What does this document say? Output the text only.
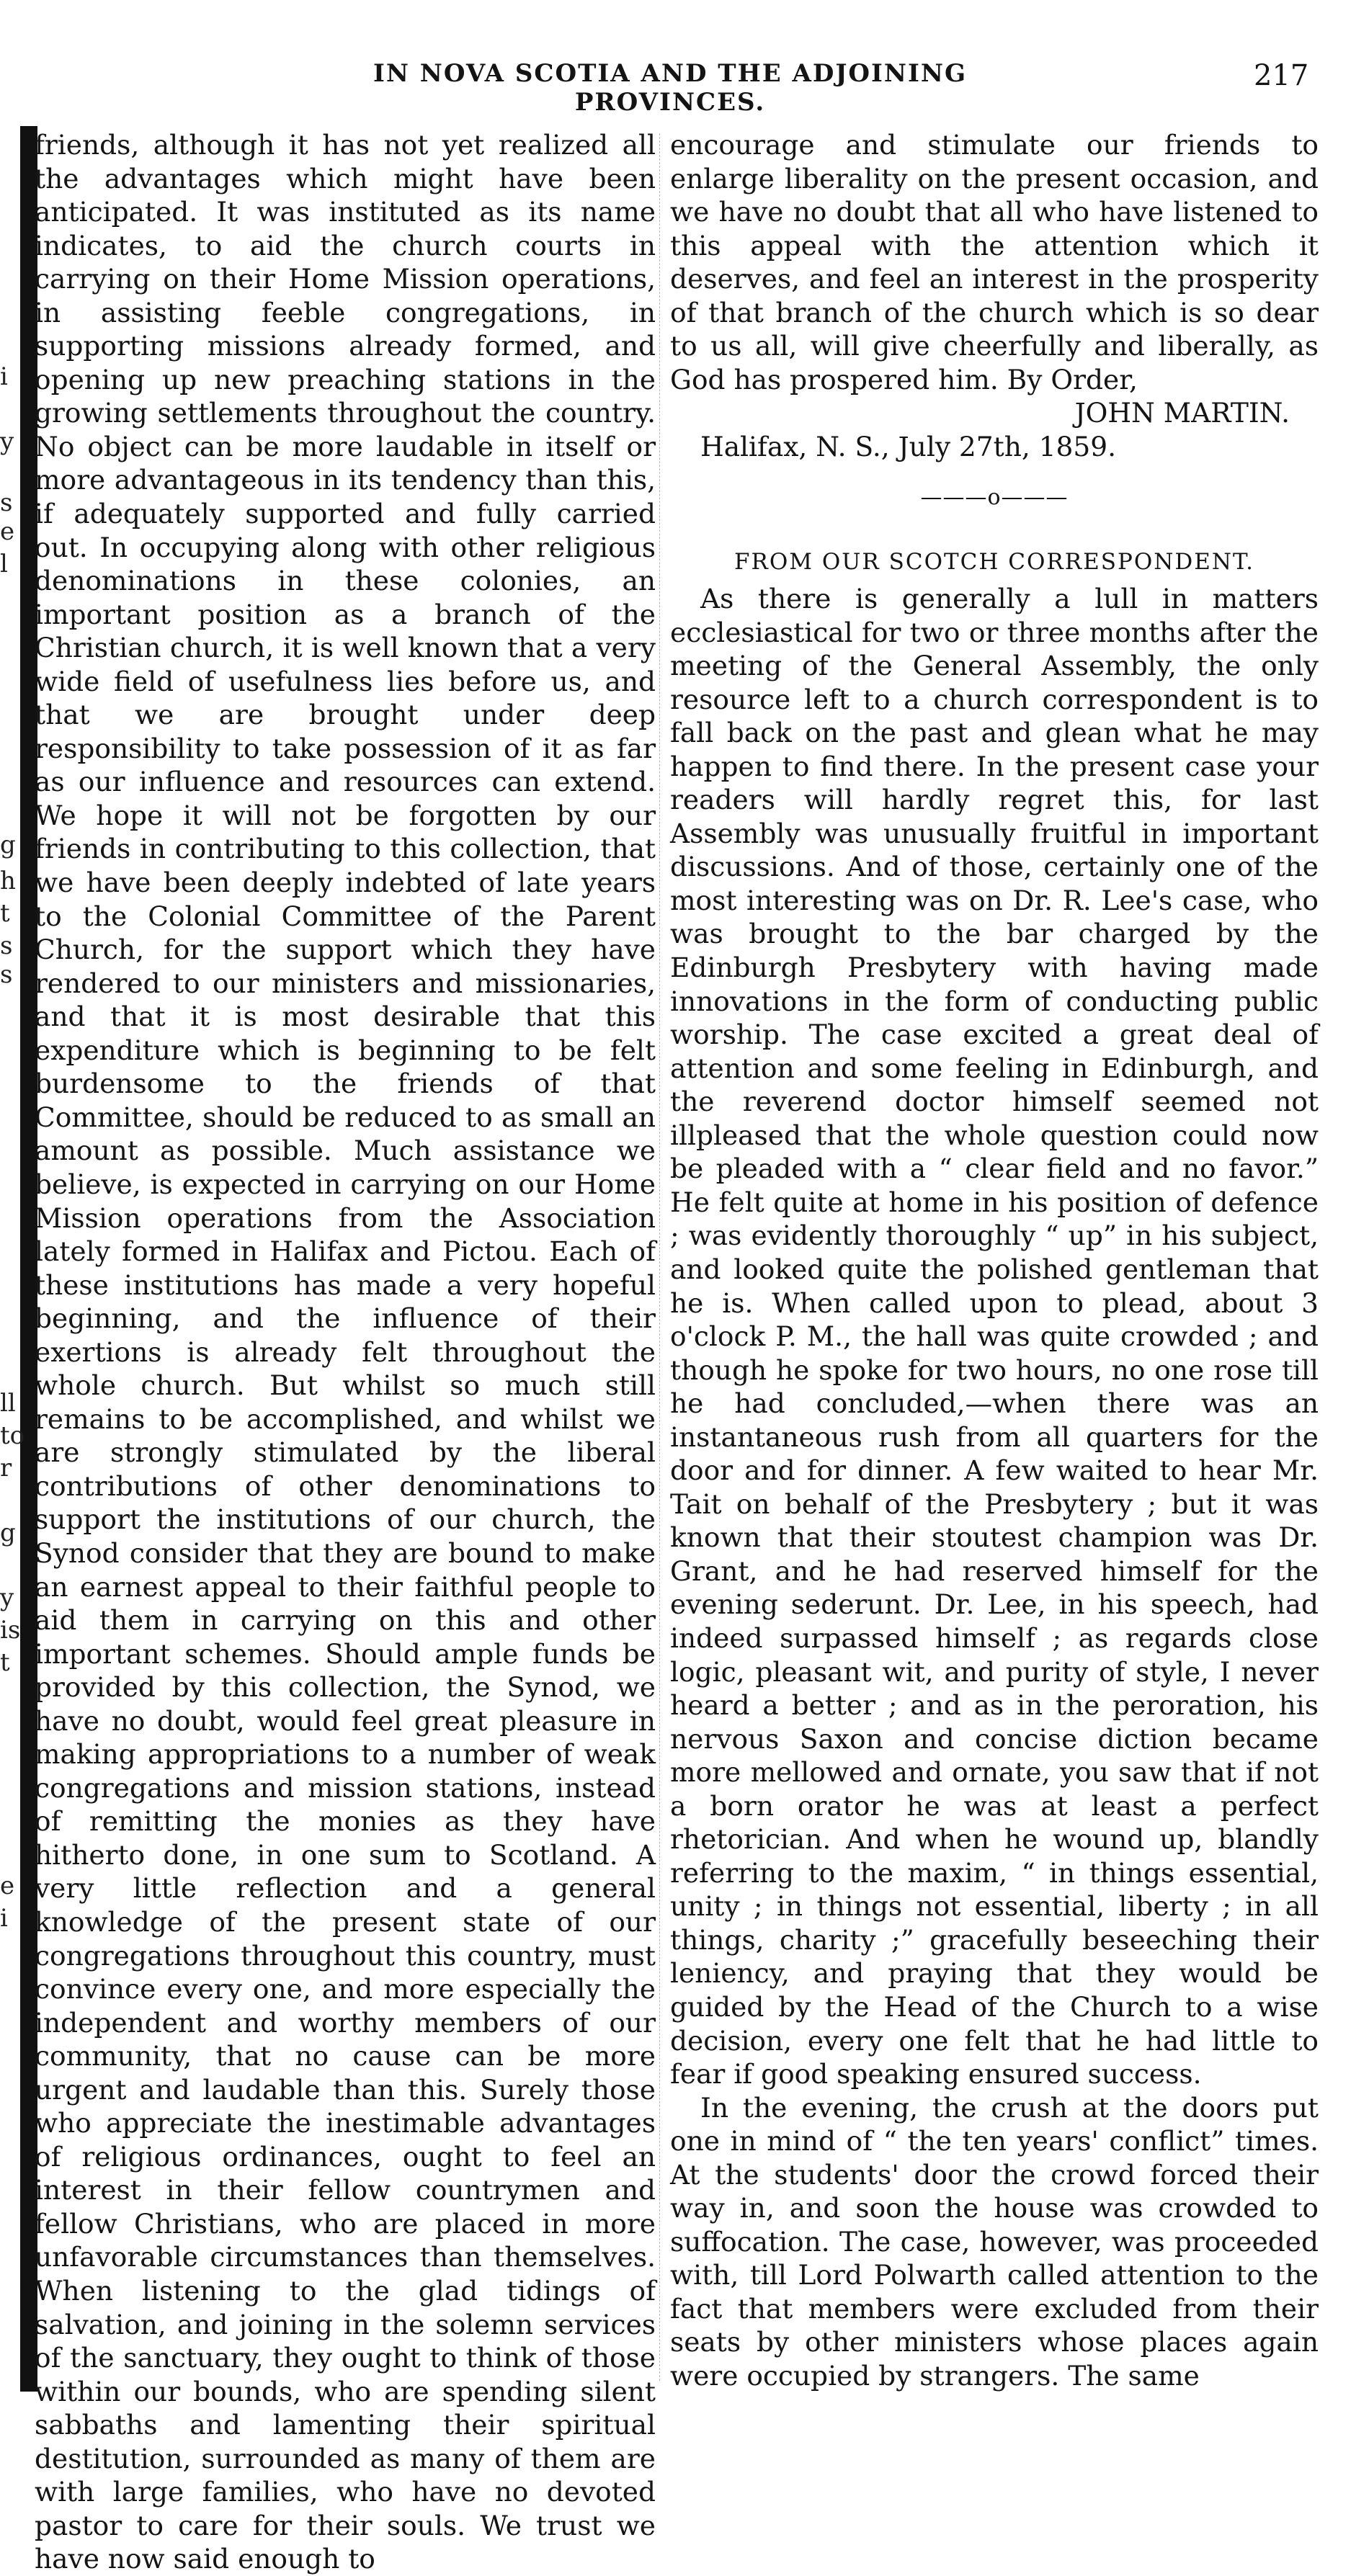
IN NOVA SCOTIA AND THE ADJOINING PROVINCES.
217
i
y
s
e
l
g
h
t
s
s
ll
to
r
g
y
is
t
e
i

friends, although it has not yet realized all the advantages which might have been anticipated. It was instituted as its name indicates, to aid the church courts in carrying on their Home Mission operations, in assisting feeble congregations, in supporting missions already formed, and opening up new preaching stations in the growing settlements throughout the country. No object can be more laudable in itself or more advantageous in its tendency than this, if adequately supported and fully carried out. In occupying along with other religious denominations in these colonies, an important position as a branch of the Christian church, it is well known that a very wide field of usefulness lies before us, and that we are brought under deep responsibility to take possession of it as far as our influence and resources can extend. We hope it will not be forgotten by our friends in contributing to this collection, that we have been deeply indebted of late years to the Colonial Committee of the Parent Church, for the support which they have rendered to our ministers and missionaries, and that it is most desirable that this expenditure which is beginning to be felt burdensome to the friends of that Committee, should be reduced to as small an amount as possible. Much assistance we believe, is expected in carrying on our Home Mission operations from the Association lately formed in Halifax and Pictou. Each of these institutions has made a very hopeful beginning, and the influence of their exertions is already felt throughout the whole church. But whilst so much still remains to be accomplished, and whilst we are strongly stimulated by the liberal contributions of other denominations to support the institutions of our church, the Synod consider that they are bound to make an earnest appeal to their faithful people to aid them in carrying on this and other important schemes. Should ample funds be provided by this collection, the Synod, we have no doubt, would feel great pleasure in making appropriations to a number of weak congregations and mission stations, instead of remitting the monies as they have hitherto done, in one sum to Scotland. A very little reflection and a general knowledge of the present state of our congregations throughout this country, must convince every one, and more especially the independent and worthy members of our community, that no cause can be more urgent and laudable than this. Surely those who appreciate the inestimable advantages of religious ordinances, ought to feel an interest in their fellow countrymen and fellow Christians, who are placed in more unfavorable circumstances than themselves. When listening to the glad tidings of salvation, and joining in the solemn services of the sanctuary, they ought to think of those within our bounds, who are spending silent sabbaths and lamenting their spiritual destitution, surrounded as many of them are with large families, who have no devoted pastor to care for their souls. We trust we have now said enough to

encourage and stimulate our friends to enlarge liberality on the present occasion, and we have no doubt that all who have listened to this appeal with the attention which it deserves, and feel an interest in the prosperity of that branch of the church which is so dear to us all, will give cheerfully and liberally, as God has prospered him. By Order,

JOHN MARTIN.

Halifax, N. S., July 27th, 1859.

———o———

FROM OUR SCOTCH CORRESPONDENT.

As there is generally a lull in matters ecclesiastical for two or three months after the meeting of the General Assembly, the only resource left to a church correspondent is to fall back on the past and glean what he may happen to find there. In the present case your readers will hardly regret this, for last Assembly was unusually fruitful in important discussions. And of those, certainly one of the most interesting was on Dr. R. Lee's case, who was brought to the bar charged by the Edinburgh Presbytery with having made innovations in the form of conducting public worship. The case excited a great deal of attention and some feeling in Edinburgh, and the reverend doctor himself seemed not illpleased that the whole question could now be pleaded with a “ clear field and no favor.” He felt quite at home in his position of defence ; was evidently thoroughly “ up” in his subject, and looked quite the polished gentleman that he is. When called upon to plead, about 3 o'clock P. M., the hall was quite crowded ; and though he spoke for two hours, no one rose till he had concluded,—when there was an instantaneous rush from all quarters for the door and for dinner. A few waited to hear Mr. Tait on behalf of the Presbytery ; but it was known that their stoutest champion was Dr. Grant, and he had reserved himself for the evening sederunt. Dr. Lee, in his speech, had indeed surpassed himself ; as regards close logic, pleasant wit, and purity of style, I never heard a better ; and as in the peroration, his nervous Saxon and concise diction became more mellowed and ornate, you saw that if not a born orator he was at least a perfect rhetorician. And when he wound up, blandly referring to the maxim, “ in things essential, unity ; in things not essential, liberty ; in all things, charity ;” gracefully beseeching their leniency, and praying that they would be guided by the Head of the Church to a wise decision, every one felt that he had little to fear if good speaking ensured success.

In the evening, the crush at the doors put one in mind of “ the ten years' conflict” times. At the students' door the crowd forced their way in, and soon the house was crowded to suffocation. The case, however, was proceeded with, till Lord Polwarth called attention to the fact that members were excluded from their seats by other ministers whose places again were occupied by strangers. The same
